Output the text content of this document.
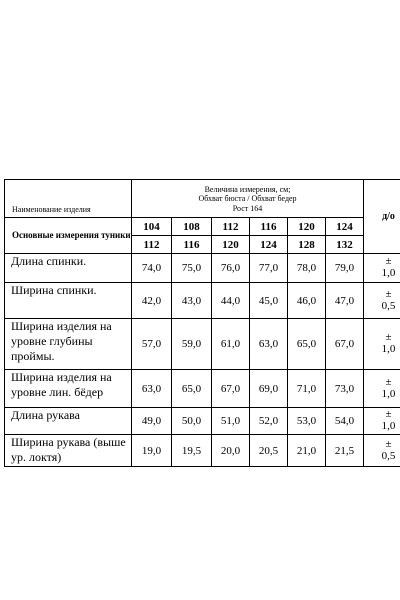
Наименование изделия	Величина измерения, см;
Обхват бюста / Обхват бедер
Рост 164						д/о
Основные измерения туники	104	108	112	116	120	124	
	112	116	120	124	128	132	
Длина спинки.	74,0	75,0	76,0	77,0	78,0	79,0	±
1,0

Ширина спинки.	42,0	43,0	44,0	45,0	46,0	47,0	±
0,5

Ширина изделия на уровне глубины проймы.	57,0	59,0	61,0	63,0	65,0	67,0	±
1,0

Ширина изделия на уровне лин. бёдер	63,0	65,0	67,0	69,0	71,0	73,0	±
1,0

Длина рукава	49,0	50,0	51,0	52,0	53,0	54,0	±
1,0

Ширина рукава (выше ур. локтя)	19,0	19,5	20,0	20,5	21,0	21,5	±
0,5
